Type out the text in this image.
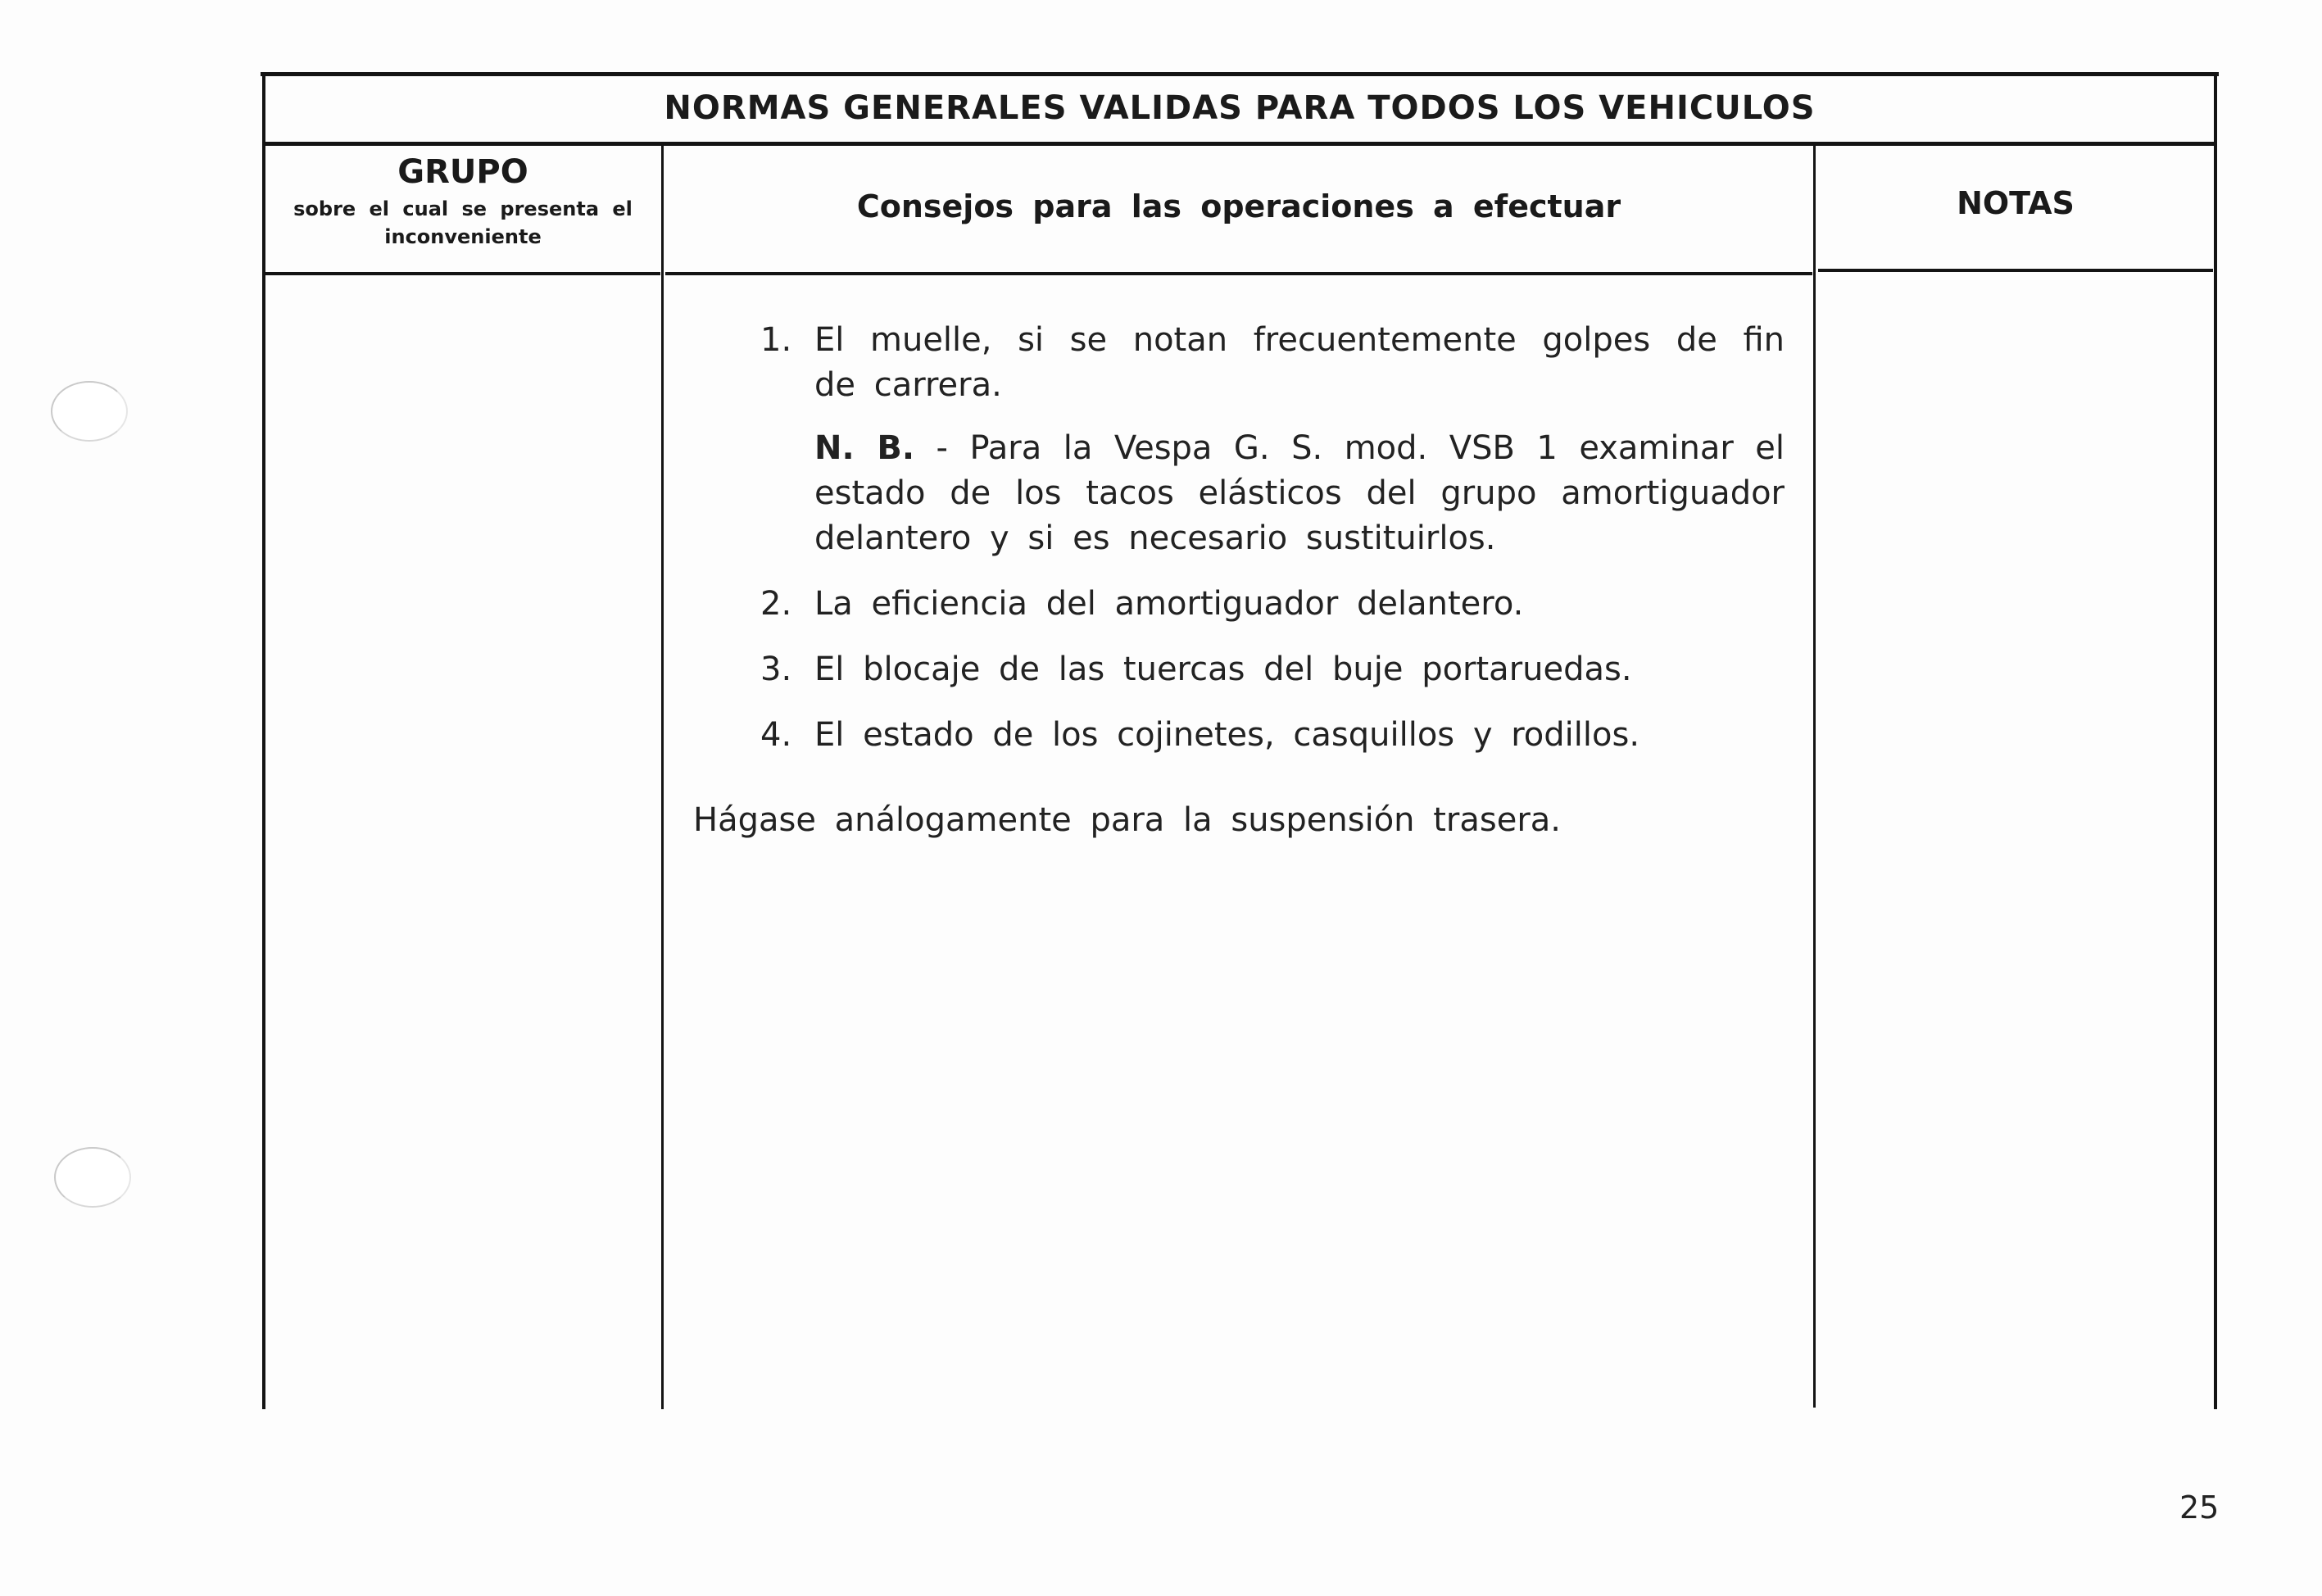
NORMAS GENERALES VALIDAS PARA TODOS LOS VEHICULOS
GRUPO
sobre el cual se presenta el inconveniente
Consejos para las operaciones a efectuar	NOTAS
1. El muelle, si se notan frecuentemente golpes de fin de carrera.
N. B. - Para la Vespa G. S. mod. VSB 1 examinar el estado de los tacos elásticos del grupo amortiguador delantero y si es necesario sustituirlos.
2. La eficiencia del amortiguador delantero.
3. El blocaje de las tuercas del buje portaruedas.
4. El estado de los cojinetes, casquillos y rodillos.
Hágase análogamente para la suspensión trasera.
25
